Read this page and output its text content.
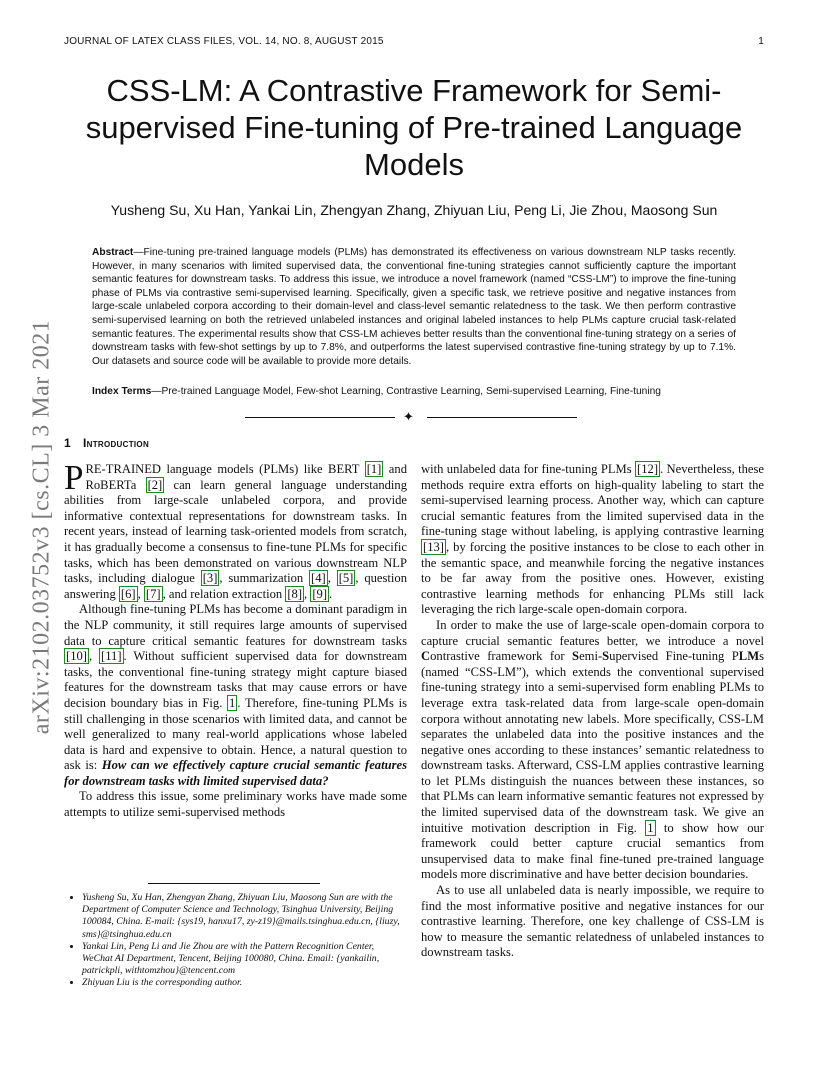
JOURNAL OF LATEX CLASS FILES, VOL. 14, NO. 8, AUGUST 2015	1
CSS-LM: A Contrastive Framework for Semi-supervised Fine-tuning of Pre-trained Language Models
Yusheng Su, Xu Han, Yankai Lin, Zhengyan Zhang, Zhiyuan Liu, Peng Li, Jie Zhou, Maosong Sun
Abstract—Fine-tuning pre-trained language models (PLMs) has demonstrated its effectiveness on various downstream NLP tasks recently. However, in many scenarios with limited supervised data, the conventional fine-tuning strategies cannot sufficiently capture the important semantic features for downstream tasks. To address this issue, we introduce a novel framework (named “CSS-LM”) to improve the fine-tuning phase of PLMs via contrastive semi-supervised learning. Specifically, given a specific task, we retrieve positive and negative instances from large-scale unlabeled corpora according to their domain-level and class-level semantic relatedness to the task. We then perform contrastive semi-supervised learning on both the retrieved unlabeled instances and original labeled instances to help PLMs capture crucial task-related semantic features. The experimental results show that CSS-LM achieves better results than the conventional fine-tuning strategy on a series of downstream tasks with few-shot settings by up to 7.8%, and outperforms the latest supervised contrastive fine-tuning strategy by up to 7.1%. Our datasets and source code will be available to provide more details.
Index Terms—Pre-trained Language Model, Few-shot Learning, Contrastive Learning, Semi-supervised Learning, Fine-tuning
✦
arXiv:2102.03752v3 [cs.CL] 3 Mar 2021 1 Introduction

PRE-TRAINED language models (PLMs) like BERT [1] and RoBERTa [2] can learn general language understanding abilities from large-scale unlabeled corpora, and provide informative contextual representations for downstream tasks. In recent years, instead of learning task-oriented models from scratch, it has gradually become a consensus to fine-tune PLMs for specific tasks, which has been demonstrated on various downstream NLP tasks, including dialogue [3] , summarization [4] , [5] , question answering [6] , [7] , and relation extraction [8] , [9] .

Although fine-tuning PLMs has become a dominant paradigm in the NLP community, it still requires large amounts of supervised data to capture critical semantic features for downstream tasks [10] , [11] . Without sufficient supervised data for downstream tasks, the conventional fine-tuning strategy might capture biased features for the downstream tasks that may cause errors or have decision boundary bias in Fig. 1 . Therefore, fine-tuning PLMs is still challenging in those scenarios with limited data, and cannot be well generalized to many real-world applications whose labeled data is hard and expensive to obtain. Hence, a natural question to ask is: How can we effectively capture crucial semantic features for downstream tasks with limited supervised data?

To address this issue, some preliminary works have made some attempts to utilize semi-supervised methods

• Yusheng Su, Xu Han, Zhengyan Zhang, Zhiyuan Liu, Maosong Sun are with the Department of Computer Science and Technology, Tsinghua University, Beijing 100084, China. E-mail: {sys19, hanxu17, zy-z19}@mails.tsinghua.edu.cn, {liuzy, sms}@tsinghua.edu.cn
• Yankai Lin, Peng Li and Jie Zhou are with the Pattern Recognition Center, WeChat AI Department, Tencent, Beijing 100080, China. Email: {yankailin, patrickpli, withtomzhou}@tencent.com
• Zhiyuan Liu is the corresponding author.

with unlabeled data for fine-tuning PLMs [12] . Nevertheless, these methods require extra efforts on high-quality labeling to start the semi-supervised learning process. Another way, which can capture crucial semantic features from the limited supervised data in the fine-tuning stage without labeling, is applying contrastive learning [13] , by forcing the positive instances to be close to each other in the semantic space, and meanwhile forcing the negative instances to be far away from the positive ones. However, existing contrastive learning methods for enhancing PLMs still lack leveraging the rich large-scale open-domain corpora.

In order to make the use of large-scale open-domain corpora to capture crucial semantic features better, we introduce a novel Contrastive framework for Semi-Supervised Fine-tuning PLMs (named “CSS-LM”), which extends the conventional supervised fine-tuning strategy into a semi-supervised form enabling PLMs to leverage extra task-related data from large-scale open-domain corpora without annotating new labels. More specifically, CSS-LM separates the unlabeled data into the positive instances and the negative ones according to these instances’ semantic relatedness to downstream tasks. Afterward, CSS-LM applies contrastive learning to let PLMs distinguish the nuances between these instances, so that PLMs can learn informative semantic features not expressed by the limited supervised data of the downstream task. We give an intuitive motivation description in Fig. 1 to show how our framework could better capture crucial semantics from unsupervised data to make final fine-tuned pre-trained language models more discriminative and have better decision boundaries.

As to use all unlabeled data is nearly impossible, we require to find the most informative positive and negative instances for our contrastive learning. Therefore, one key challenge of CSS-LM is how to measure the semantic relatedness of unlabeled instances to downstream tasks.
